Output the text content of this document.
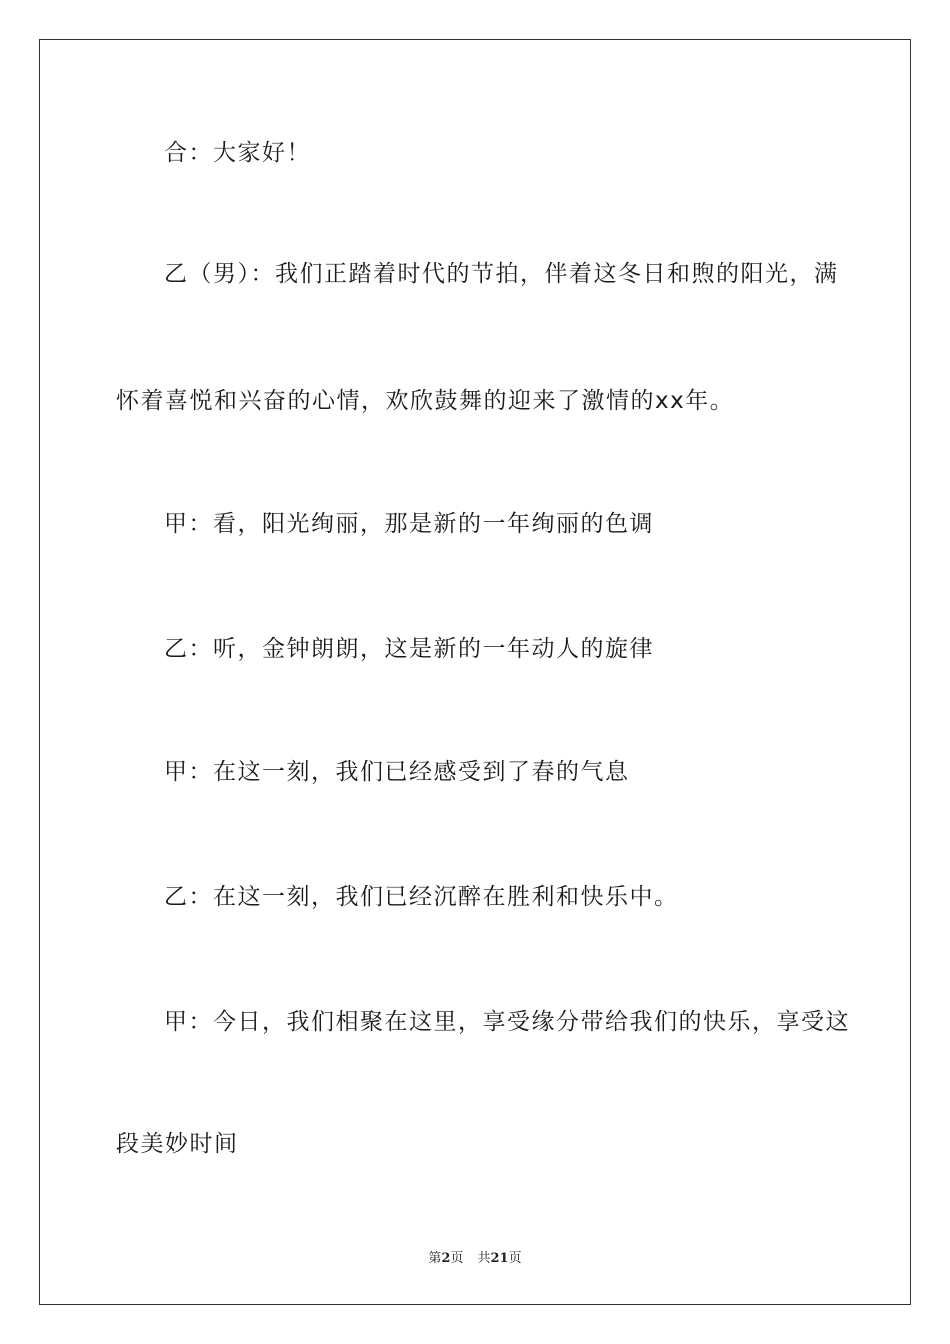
合：大家好！
乙（男）：我们正踏着时代的节拍，伴着这冬日和煦的阳光，满
怀着喜悦和兴奋的心情，欢欣鼓舞的迎来了激情的xx年。
甲：看，阳光绚丽，那是新的一年绚丽的色调
乙：听，金钟朗朗，这是新的一年动人的旋律
甲：在这一刻，我们已经感受到了春的气息
乙：在这一刻，我们已经沉醉在胜利和快乐中。
甲：今日，我们相聚在这里，享受缘分带给我们的快乐，享受这
段美妙时间
第2页 共21页
